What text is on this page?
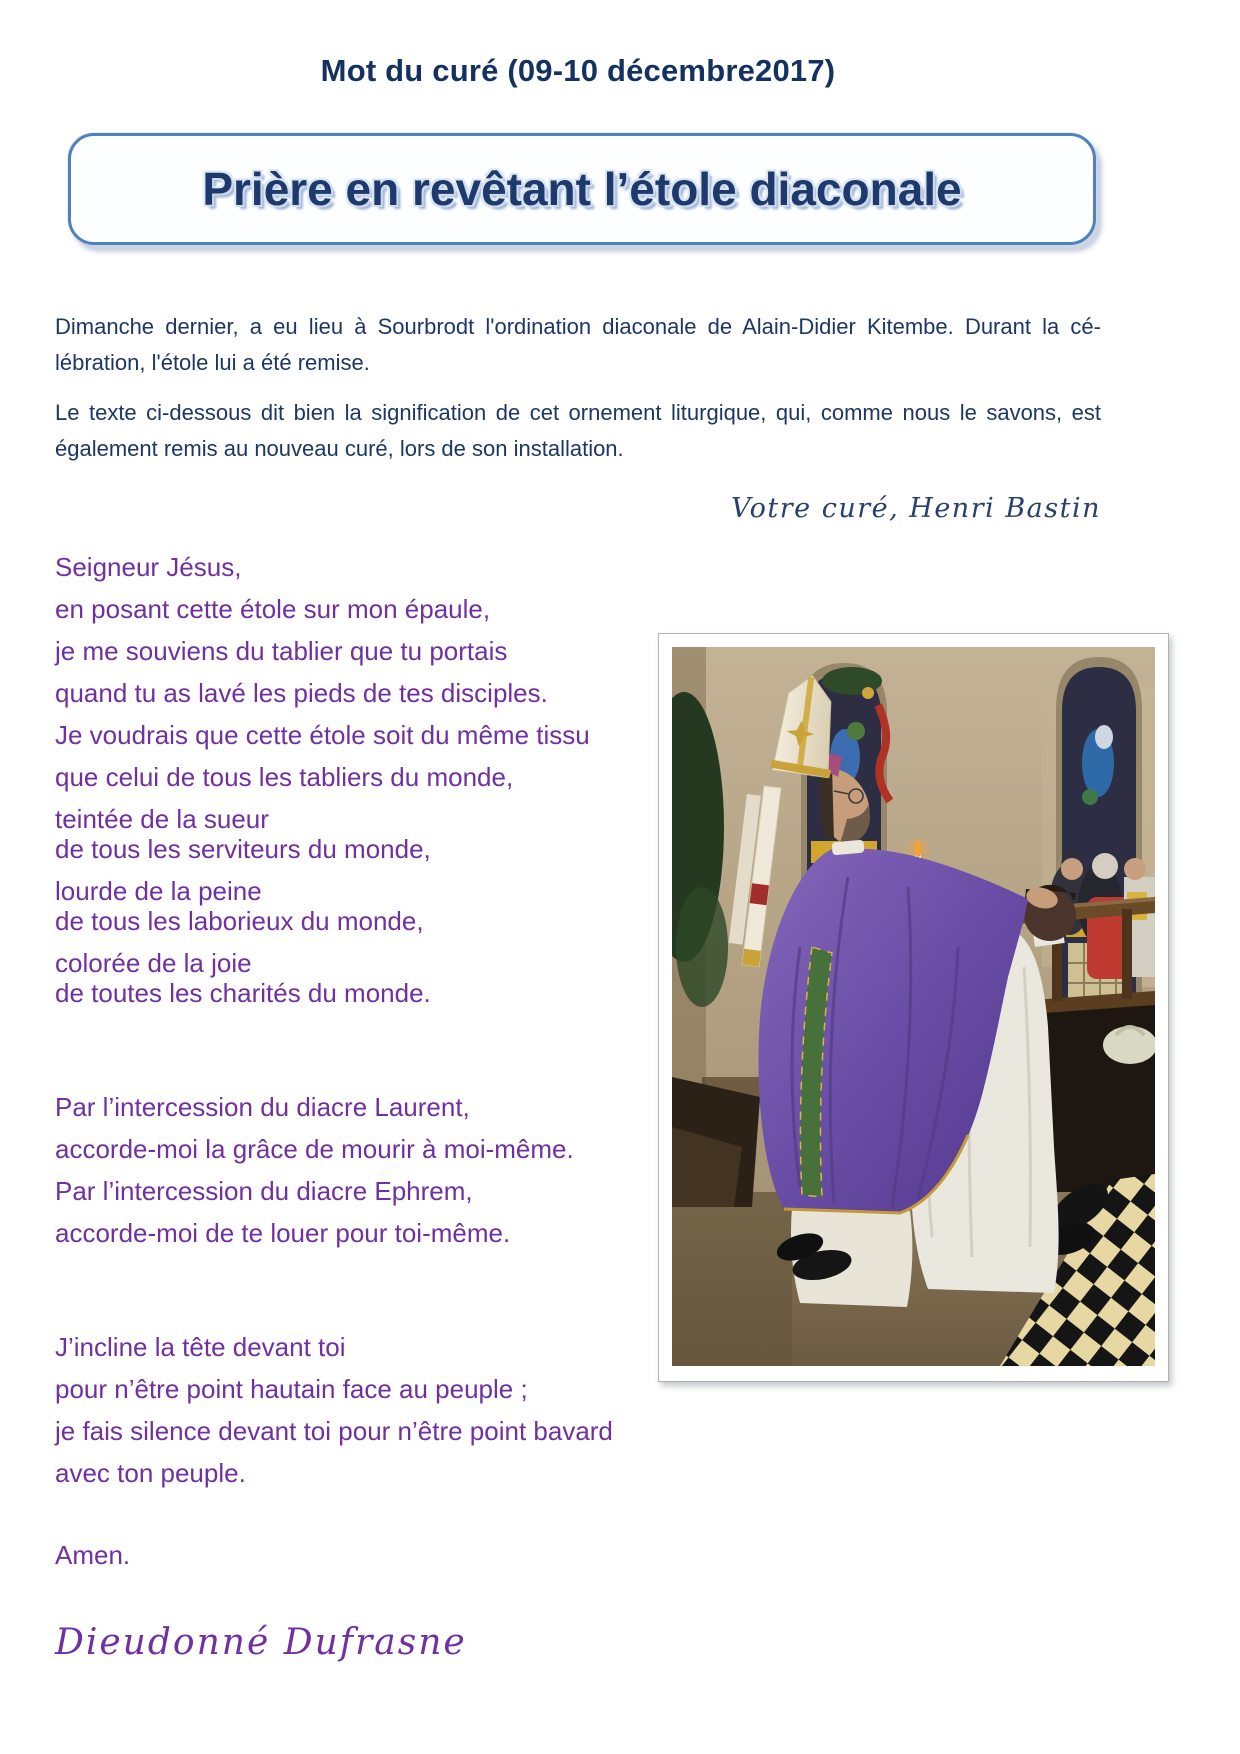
Mot du curé (09-10 décembre2017)
Prière en revêtant l’étole diaconale
Dimanche dernier, a eu lieu à Sourbrodt l'ordination diaconale de Alain-Didier Kitembe. Durant la cé-
lébration, l'étole lui a été remise.
Le texte ci-dessous dit bien la signification de cet ornement liturgique, qui, comme nous le savons, est
également remis au nouveau curé, lors de son installation.
Votre curé, Henri Bastin
Seigneur Jésus,
en posant cette étole sur mon épaule,
je me souviens du tablier que tu portais
quand tu as lavé les pieds de tes disciples.
Je voudrais que cette étole soit du même tissu
que celui de tous les tabliers du monde,
teintée de la sueur
de tous les serviteurs du monde,
lourde de la peine
de tous les laborieux du monde,
colorée de la joie
de toutes les charités du monde.
Par l’intercession du diacre Laurent,
accorde-moi la grâce de mourir à moi-même.
Par l’intercession du diacre Ephrem,
accorde-moi de te louer pour toi-même.
J’incline la tête devant toi
pour n’être point hautain face au peuple ;
je fais silence devant toi pour n’être point bavard
avec ton peuple.
Amen.
Dieudonné Dufrasne
